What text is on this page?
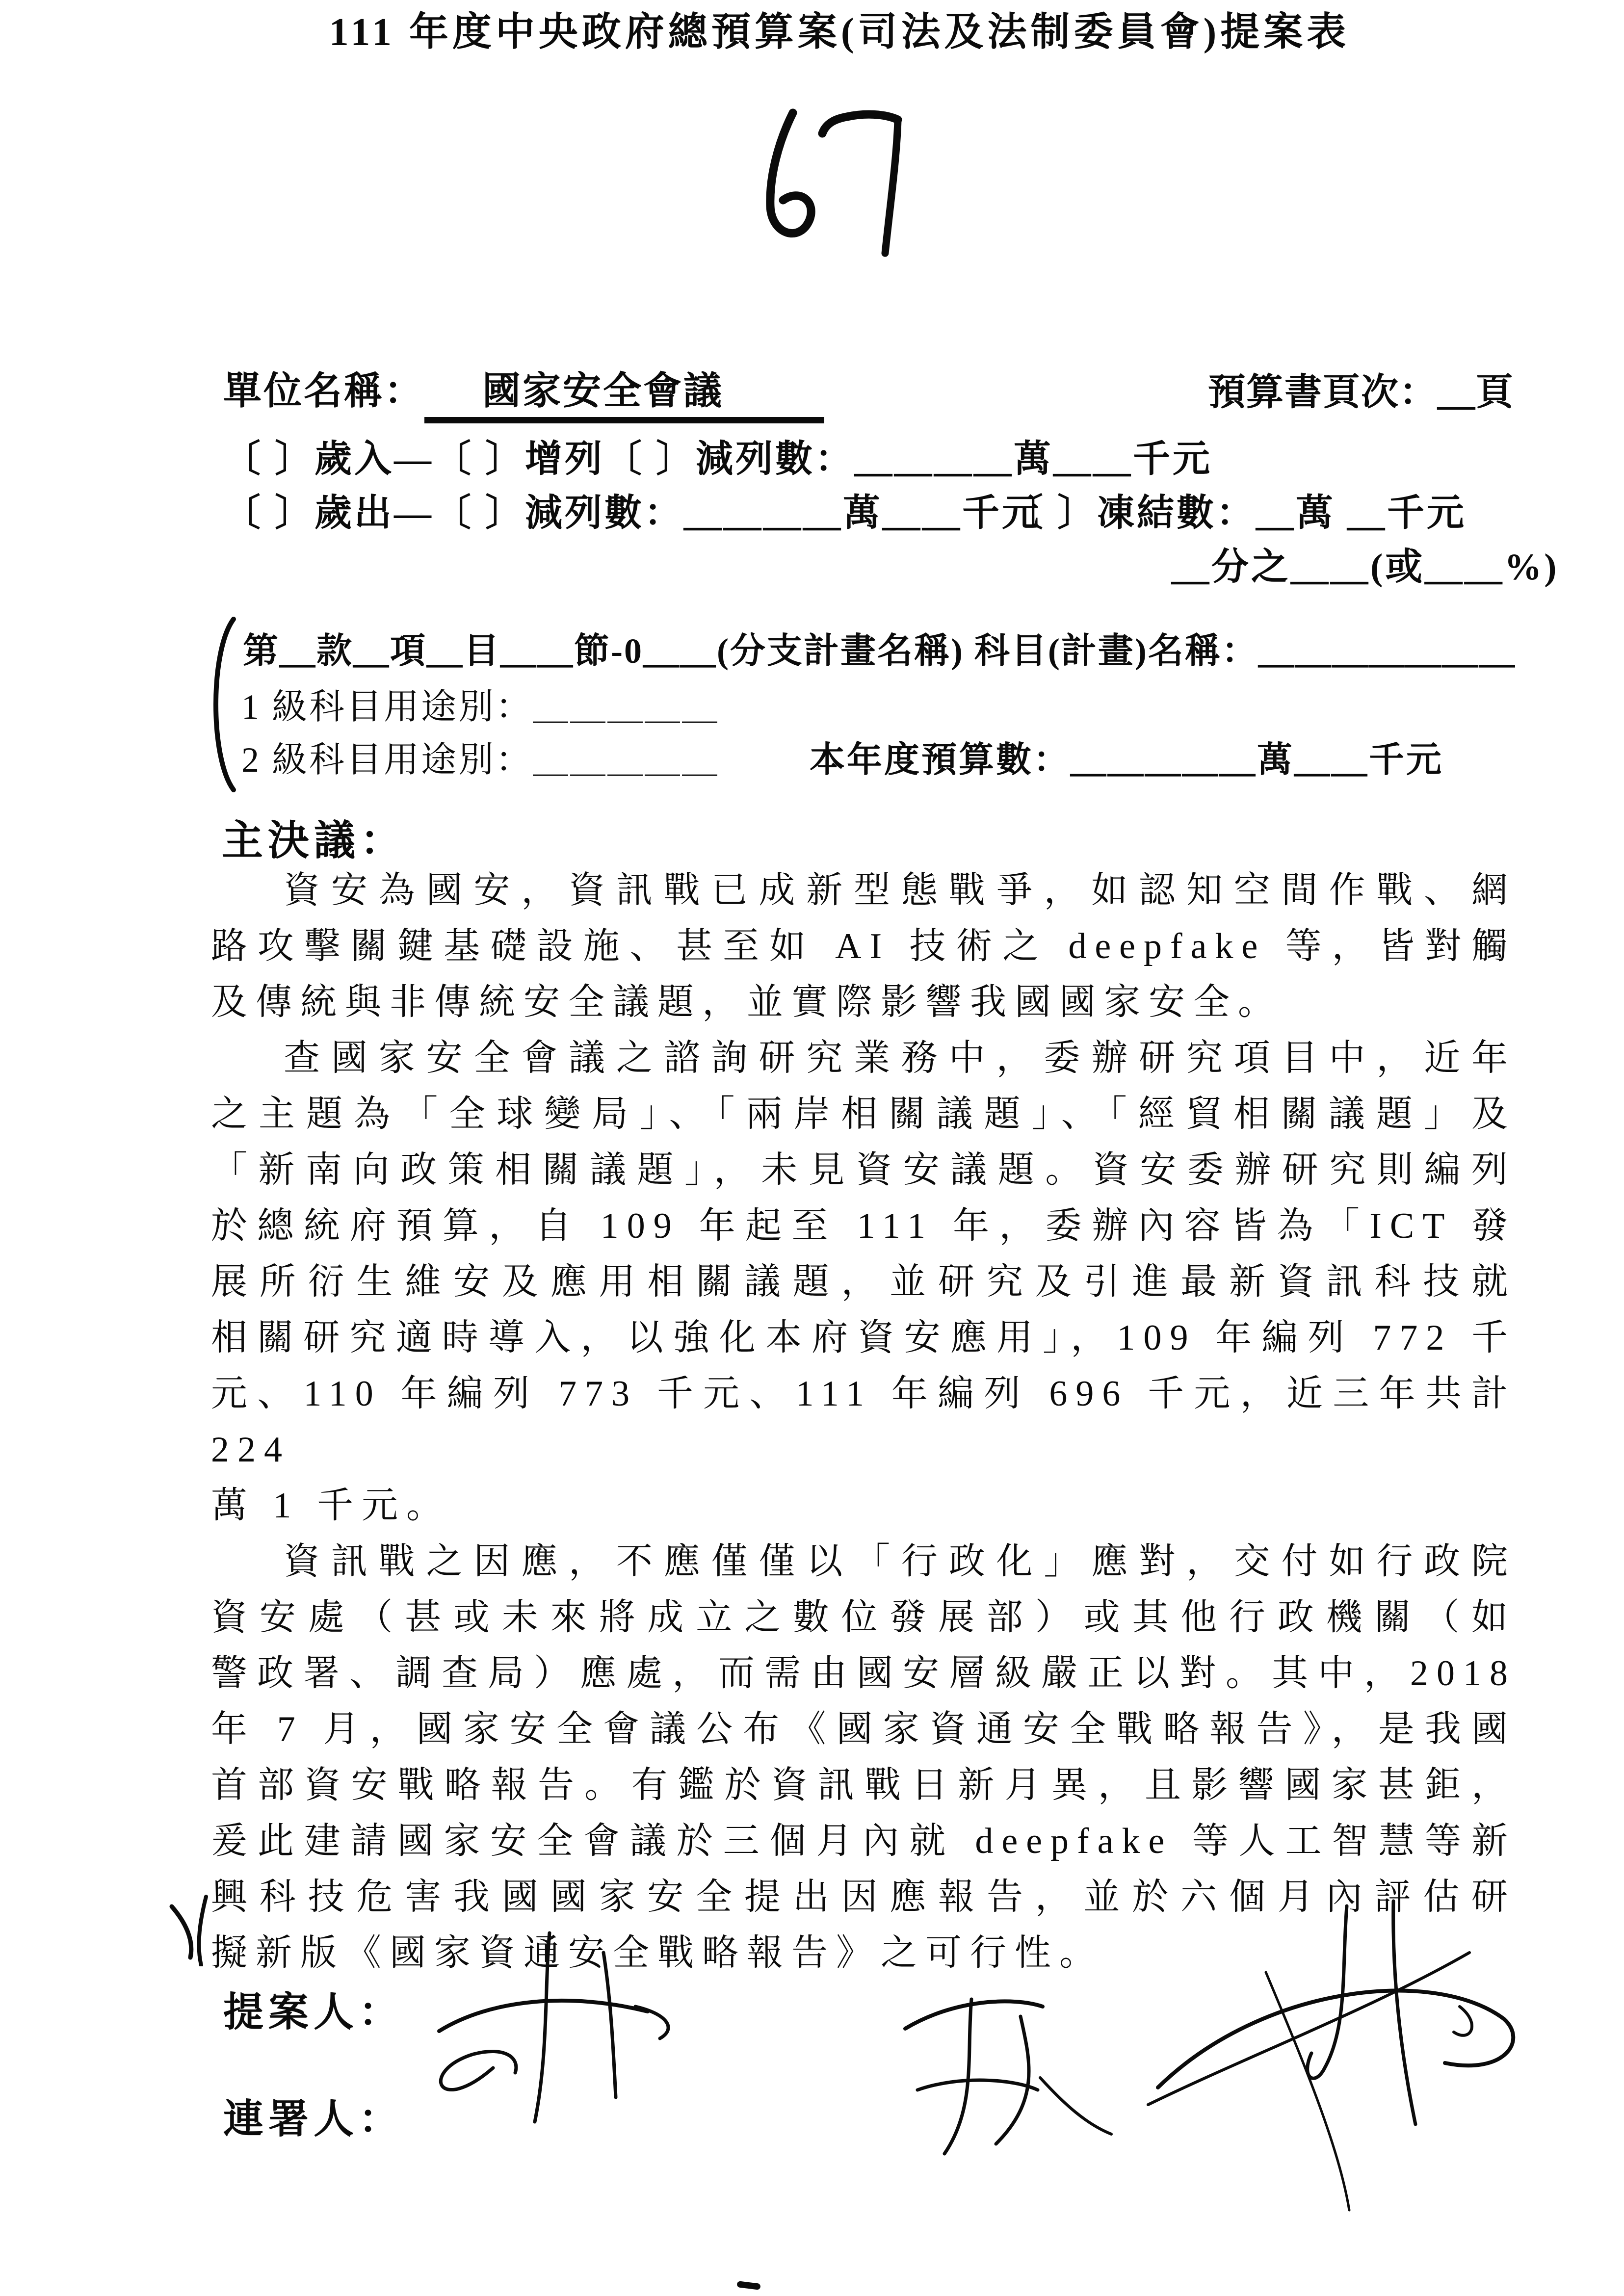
111 年度中央政府總預算案(司法及法制委員會)提案表
單位名稱： 國家安全會議	預算書頁次：＿頁
〔 〕歲入—〔 〕增列〔 〕減列數：＿＿＿＿萬＿＿千元
〔 〕歲出—〔 〕減列數：＿＿＿＿萬＿＿千元
〔 〕凍結數：＿萬 ＿千元
＿分之＿＿(或＿＿%)
第＿款＿項＿目＿＿節-0＿＿(分支計畫名稱) 科目(計畫)名稱：＿＿＿＿＿＿＿
1 級科目用途別：＿＿＿＿＿
2 級科目用途別：＿＿＿＿＿	本年度預算數：＿＿＿＿＿萬＿＿千元
主決議：
資安為國安，資訊戰已成新型態戰爭，如認知空間作戰、網
路攻擊關鍵基礎設施、甚至如 AI 技術之 deepfake 等，皆對觸
及傳統與非傳統安全議題，並實際影響我國國家安全。
查國家安全會議之諮詢研究業務中，委辦研究項目中，近年
之主題為「全球變局」、「兩岸相關議題」、「經貿相關議題」及
「新南向政策相關議題」，未見資安議題。資安委辦研究則編列
於總統府預算，自 109 年起至 111 年，委辦內容皆為「ICT 發
展所衍生維安及應用相關議題，並研究及引進最新資訊科技就
相關研究適時導入，以強化本府資安應用」，109 年編列 772 千
元、110 年編列 773 千元、111 年編列 696 千元，近三年共計 224
萬 1 千元。
資訊戰之因應，不應僅僅以「行政化」應對，交付如行政院
資安處（甚或未來將成立之數位發展部）或其他行政機關（如
警政署、調查局）應處，而需由國安層級嚴正以對。其中，2018
年 7 月，國家安全會議公布《國家資通安全戰略報告》，是我國
首部資安戰略報告。有鑑於資訊戰日新月異，且影響國家甚鉅，
爰此建請國家安全會議於三個月內就 deepfake 等人工智慧等新
興科技危害我國國家安全提出因應報告，並於六個月內評估研
擬新版《國家資通安全戰略報告》之可行性。
提案人：
連署人：
